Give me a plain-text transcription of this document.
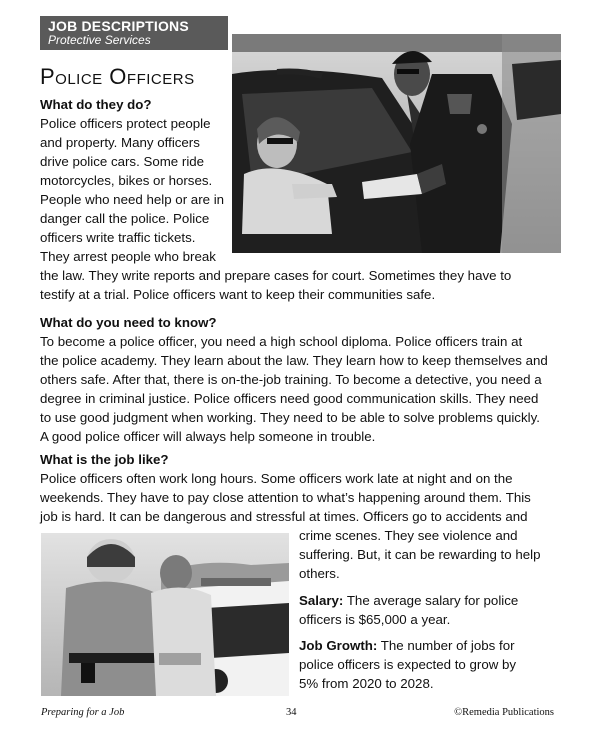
JOB DESCRIPTIONS
Protective Services
Police Officers
What do they do?
Police officers protect people
and property. Many officers
drive police cars. Some ride
motorcycles, bikes or horses.
People who need help or are in
danger call the police. Police
officers write traffic tickets.
They arrest people who break
the law. They write reports and prepare cases for court. Sometimes they have to
testify at a trial. Police officers want to keep their communities safe.
What do you need to know?
To become a police officer, you need a high school diploma. Police officers train at
the police academy. They learn about the law. They learn how to keep themselves and
others safe. After that, there is on-the-job training. To become a detective, you need a
degree in criminal justice. Police officers need good communication skills. They need
to use good judgment when working. They need to be able to solve problems quickly.
A good police officer will always help someone in trouble.
What is the job like?
Police officers often work long hours. Some officers work late at night and on the
weekends. They have to pay close attention to what’s happening around them. This
job is hard. It can be dangerous and stressful at times. Officers go to accidents and
crime scenes. They see violence and
suffering. But, it can be rewarding to help
others.
Salary: The average salary for police
officers is $65,000 a year.
Job Growth: The number of jobs for
police officers is expected to grow by
5% from 2020 to 2028.
Preparing for a Job	34	©Remedia Publications
